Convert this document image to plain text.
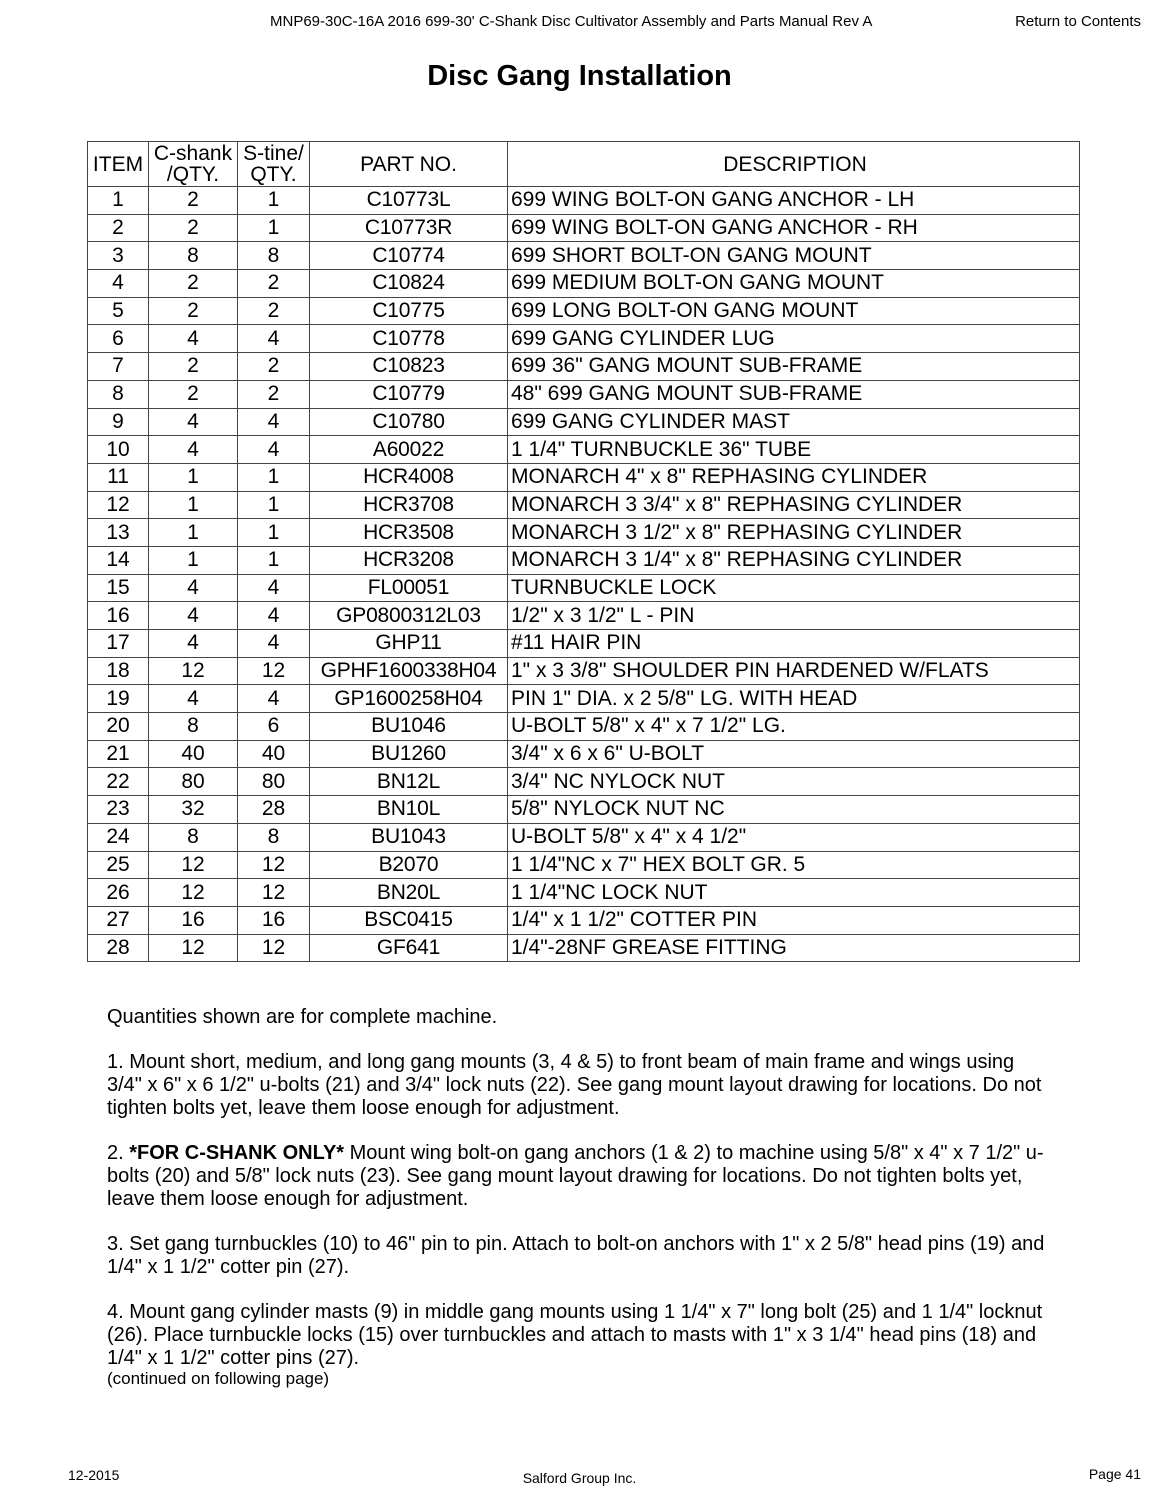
MNP69-30C-16A 2016 699-30' C-Shank Disc Cultivator Assembly and Parts Manual Rev A	Return to Contents
Disc Gang Installation
ITEM	C-shank /QTY.	S-tine/ QTY.	PART NO.	DESCRIPTION
1	2	1	C10773L	699 WING BOLT-ON GANG ANCHOR - LH
2	2	1	C10773R	699 WING BOLT-ON GANG ANCHOR - RH
3	8	8	C10774	699 SHORT BOLT-ON GANG MOUNT
4	2	2	C10824	699 MEDIUM BOLT-ON GANG MOUNT
5	2	2	C10775	699 LONG BOLT-ON GANG MOUNT
6	4	4	C10778	699 GANG CYLINDER LUG
7	2	2	C10823	699 36" GANG MOUNT SUB-FRAME
8	2	2	C10779	48" 699 GANG MOUNT SUB-FRAME
9	4	4	C10780	699 GANG CYLINDER MAST
10	4	4	A60022	1 1/4" TURNBUCKLE 36" TUBE
11	1	1	HCR4008	MONARCH 4" x 8" REPHASING CYLINDER
12	1	1	HCR3708	MONARCH 3 3/4" x 8" REPHASING CYLINDER
13	1	1	HCR3508	MONARCH 3 1/2" x 8" REPHASING CYLINDER
14	1	1	HCR3208	MONARCH 3 1/4" x 8" REPHASING CYLINDER
15	4	4	FL00051	TURNBUCKLE LOCK
16	4	4	GP0800312L03	1/2" x 3 1/2" L - PIN
17	4	4	GHP11	#11 HAIR PIN
18	12	12	GPHF1600338H04	1" x 3 3/8" SHOULDER PIN HARDENED W/FLATS
19	4	4	GP1600258H04	PIN 1" DIA. x 2 5/8" LG. WITH HEAD
20	8	6	BU1046	U-BOLT 5/8" x 4" x 7 1/2" LG.
21	40	40	BU1260	3/4" x 6 x 6" U-BOLT
22	80	80	BN12L	3/4" NC NYLOCK NUT
23	32	28	BN10L	5/8" NYLOCK NUT NC
24	8	8	BU1043	U-BOLT 5/8" x 4" x 4 1/2"
25	12	12	B2070	1 1/4"NC x 7" HEX BOLT GR. 5
26	12	12	BN20L	1 1/4"NC LOCK NUT
27	16	16	BSC0415	1/4" x 1 1/2" COTTER PIN
28	12	12	GF641	1/4"-28NF GREASE FITTING

Quantities shown are for complete machine.

1. Mount short, medium, and long gang mounts (3, 4 & 5) to front beam of main frame and wings using 3/4" x 6" x 6 1/2" u-bolts (21) and 3/4" lock nuts (22). See gang mount layout drawing for locations. Do not tighten bolts yet, leave them loose enough for adjustment.

2. *FOR C-SHANK ONLY* Mount wing bolt-on gang anchors (1 & 2) to machine using 5/8" x 4" x 7 1/2" u-bolts (20) and 5/8" lock nuts (23). See gang mount layout drawing for locations. Do not tighten bolts yet, leave them loose enough for adjustment.

3. Set gang turnbuckles (10) to 46" pin to pin. Attach to bolt-on anchors with 1" x 2 5/8" head pins (19) and 1/4" x 1 1/2" cotter pin (27).

4. Mount gang cylinder masts (9) in middle gang mounts using 1 1/4" x 7" long bolt (25) and 1 1/4" locknut (26). Place turnbuckle locks (15) over turnbuckles and attach to masts with 1" x 3 1/4" head pins (18) and 1/4" x 1 1/2" cotter pins (27).

(continued on following page)

12-2015	Salford Group Inc.	Page 41
